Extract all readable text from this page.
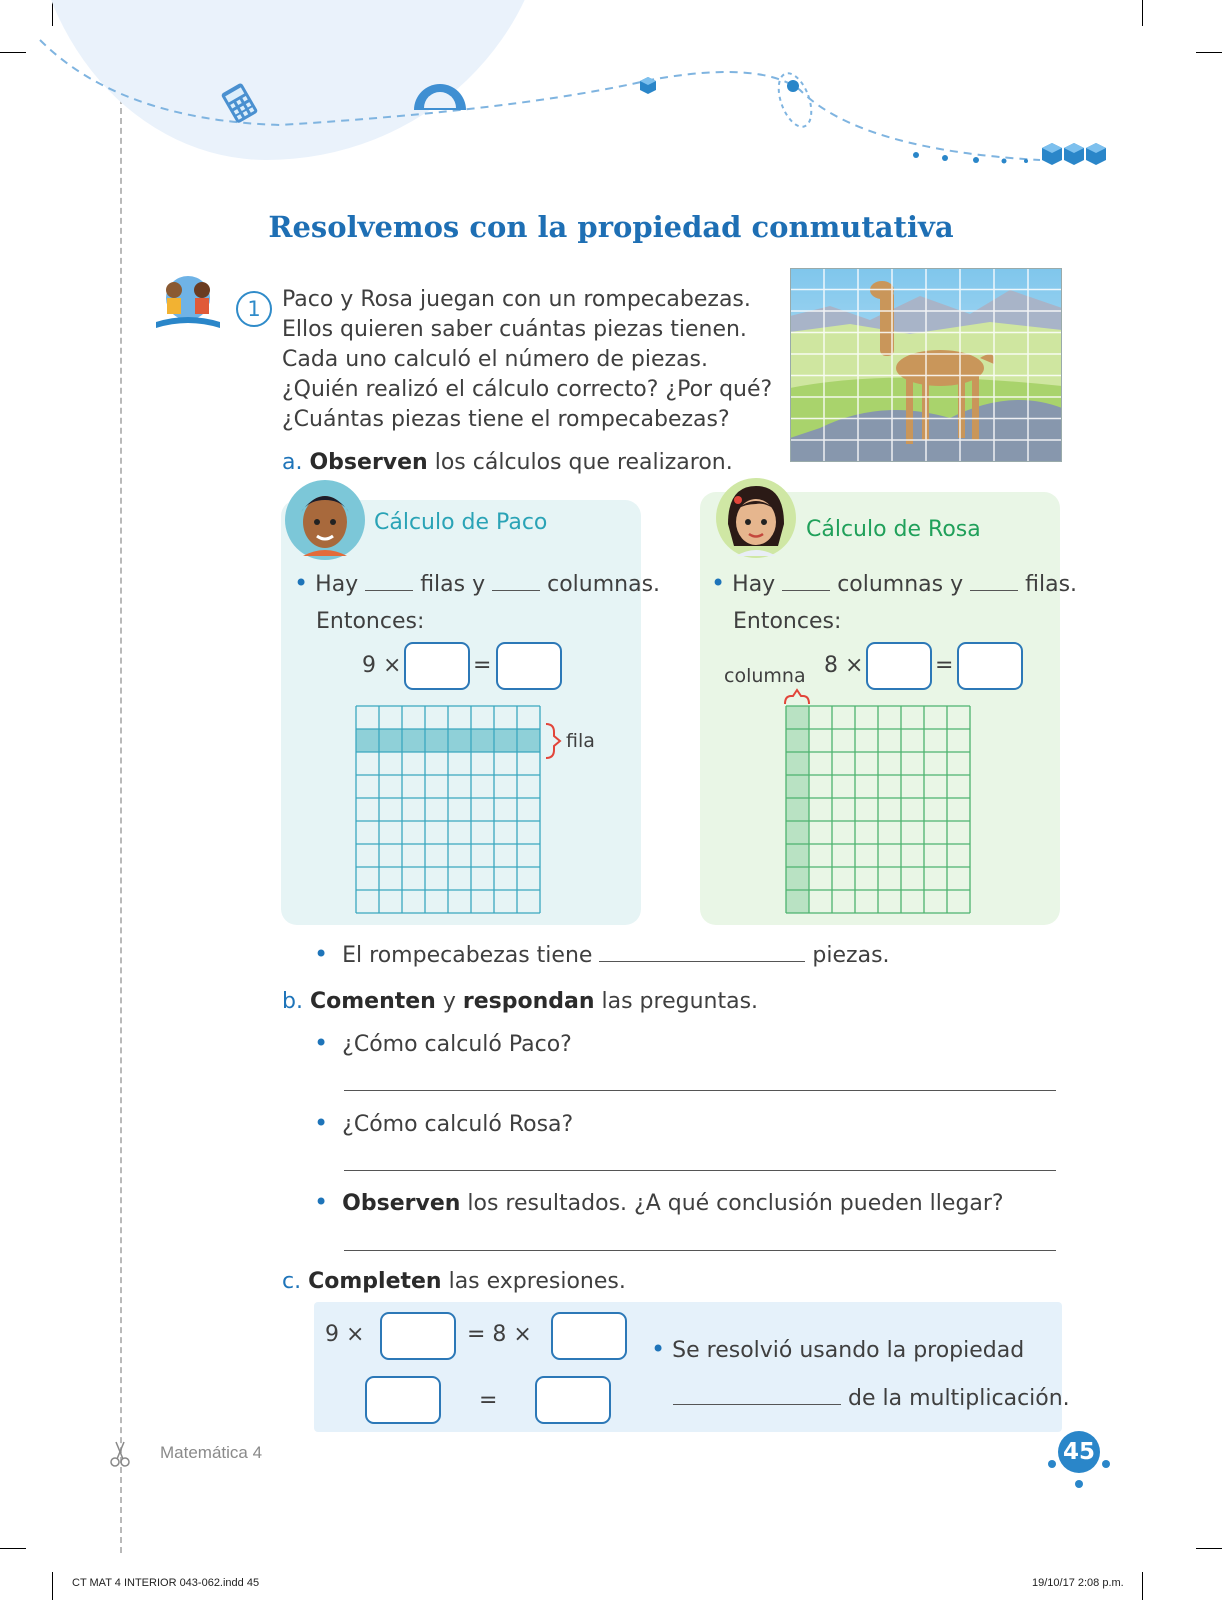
Resolvemos con la propiedad conmutativa
1 Paco y Rosa juegan con un rompecabezas.
Ellos quieren saber cuántas piezas tienen.
Cada uno calculó el número de piezas.
¿Quién realizó el cálculo correcto? ¿Por qué?
¿Cuántas piezas tiene el rompecabezas?
a. Observen los cálculos que realizaron.
Cálculo de Paco
• Hay  filas y  columnas.
Entonces:
9 ×	=
fila
Cálculo de Rosa
• Hay  columnas y  filas.
Entonces:
columna 8 ×	=
• El rompecabezas tiene	piezas.
b. Comenten y respondan las preguntas.
• ¿Cómo calculó Paco?
• ¿Cómo calculó Rosa?
• Observen los resultados. ¿A qué conclusión pueden llegar?
c. Completen las expresiones.
9 ×	= 8 ×
=
• Se resolvió usando la propiedad
de la multiplicación.
Matemática 4	45
CT MAT 4 INTERIOR 043-062.indd 45	19/10/17 2:08 p.m.
